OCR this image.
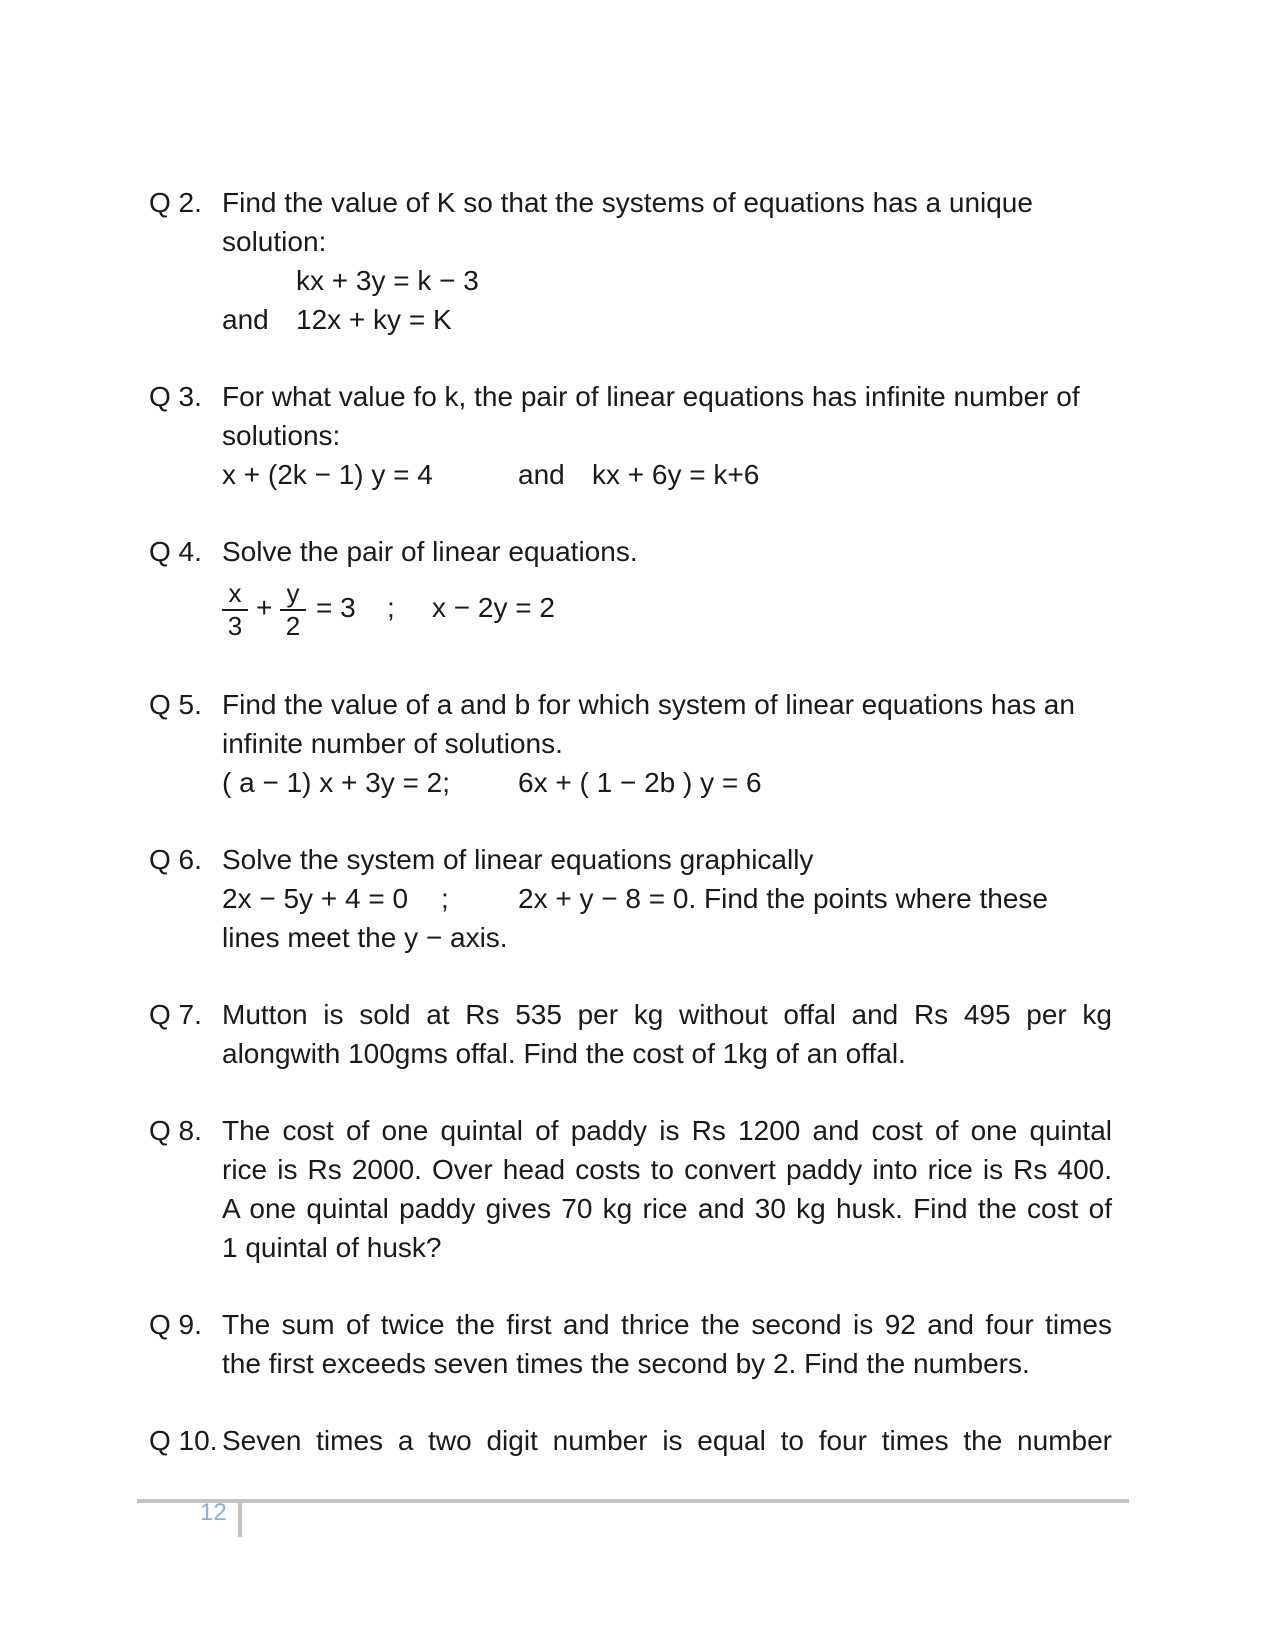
Q 2. Find the value of K so that the systems of equations has a unique
solution:
kx + 3y = k − 3
and 12x + ky = K
Q 3. For what value fo k, the pair of linear equations has infinite number of
solutions:
x + (2k − 1) y = 4	and kx + 6y = k+6
Q 4. Solve the pair of linear equations.
x
3
+ y
2
= 3 ; x − 2y = 2
Q 5. Find the value of a and b for which system of linear equations has an
infinite number of solutions.
( a − 1) x + 3y = 2; 6x + ( 1 − 2b ) y = 6
Q 6. Solve the system of linear equations graphically
2x − 5y + 4 = 0 ; 2x + y − 8 = 0. Find the points where these
lines meet the y − axis.
Q 7. Mutton is sold at Rs 535 per kg without offal and Rs 495 per kg
alongwith 100gms offal. Find the cost of 1kg of an offal.
Q 8. The cost of one quintal of paddy is Rs 1200 and cost of one quintal
rice is Rs 2000. Over head costs to convert paddy into rice is Rs 400.
A one quintal paddy gives 70 kg rice and 30 kg husk. Find the cost of
1 quintal of husk?
Q 9. The sum of twice the first and thrice the second is 92 and four times
the first exceeds seven times the second by 2. Find the numbers.
Q 10. Seven times a two digit number is equal to four times the number
12
